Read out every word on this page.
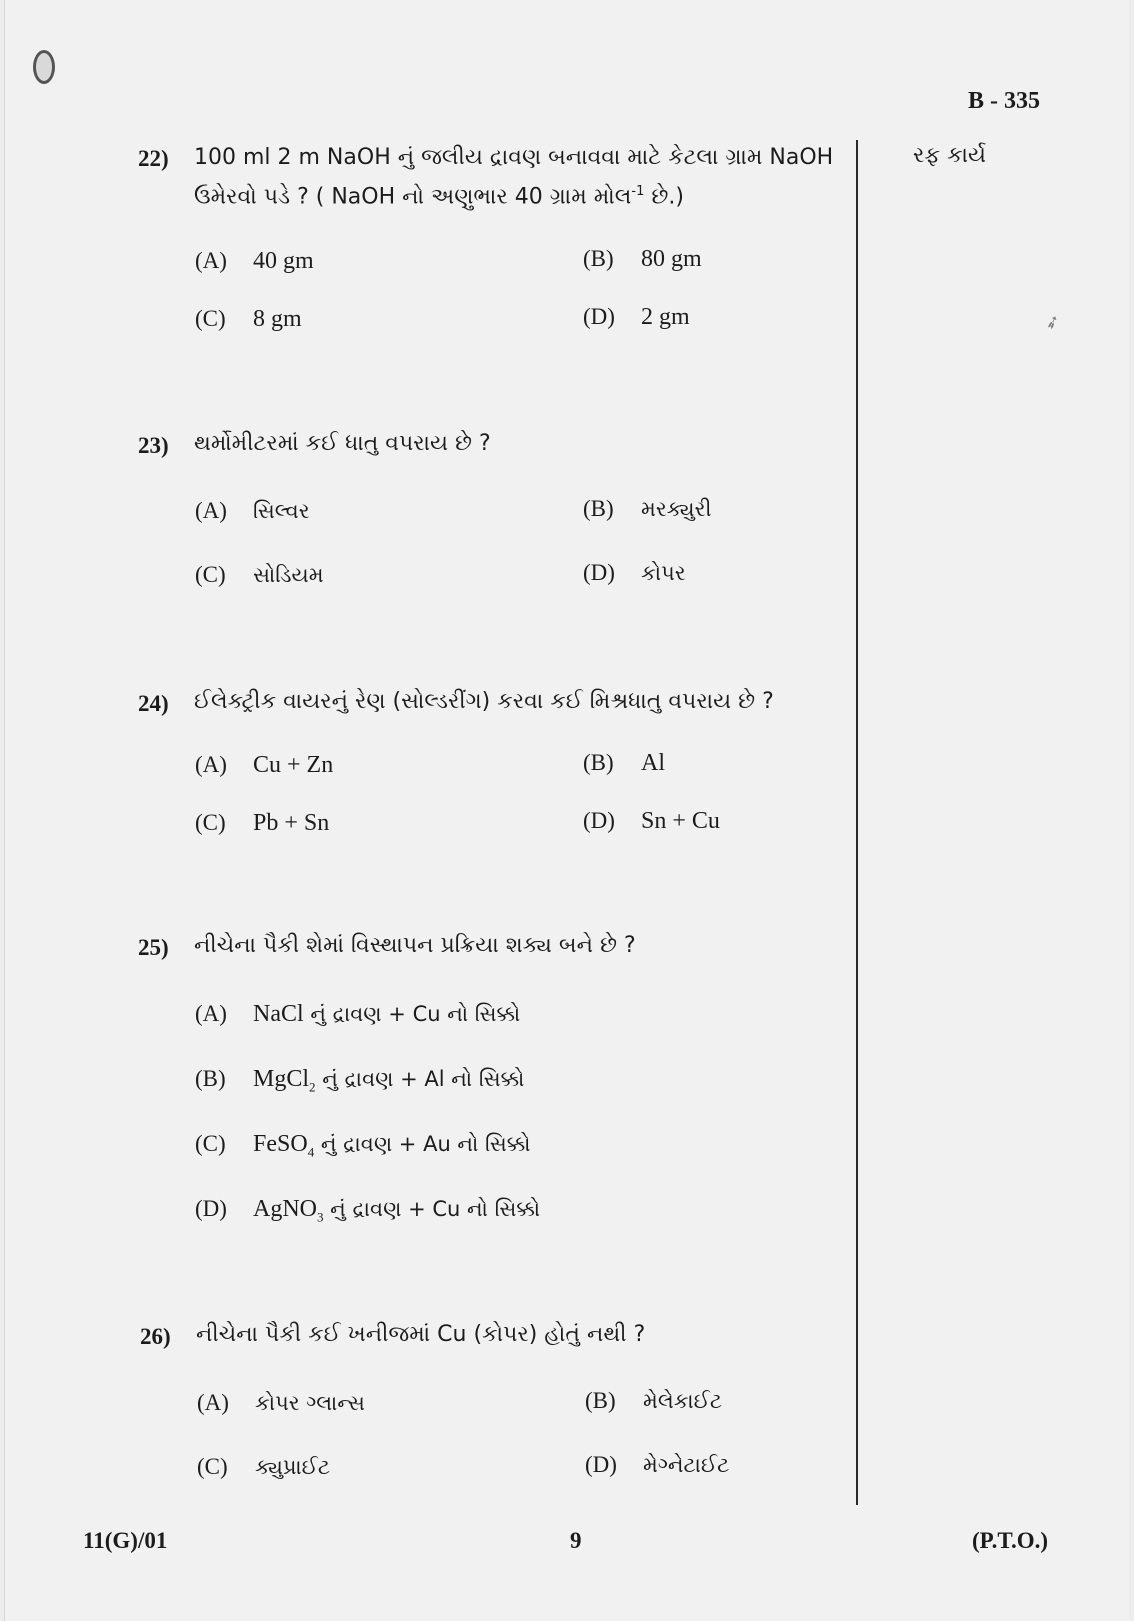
B - 335
રફ કાર્ય
➶
22) 100 ml 2 m NaOH નું જલીય દ્રાવણ બનાવવા માટે કેટલા ગ્રામ NaOH
ઉમેરવો પડે ? ( NaOH નો અણુભાર 40 ગ્રામ મોલ$^{-1}$ છે.)
(A) 40 gm	(B) 80 gm
(C) 8 gm	(D) 2 gm
23) થર્મોમીટરમાં કઈ ધાતુ વપરાય છે ?
(A) સિલ્વર	(B) મરક્યુરી
(C) સોડિયમ	(D) કોપર
24) ઈલેક્ટ્રીક વાયરનું રેણ (સોલ્ડરીંગ) કરવા કઈ મિશ્રધાતુ વપરાય છે ?
(A) Cu + Zn	(B) Al
(C) Pb + Sn	(D) Sn + Cu
25) નીચેના પૈકી શેમાં વિસ્થાપન પ્રક્રિયા શક્ય બને છે ?
(A) NaCl નું દ્રાવણ + Cu નો સિક્કો
(B) MgCl$_2$ નું દ્રાવણ + Al નો સિક્કો
(C) FeSO$_4$ નું દ્રાવણ + Au નો સિક્કો
(D) AgNO$_3$ નું દ્રાવણ + Cu નો સિક્કો
26) નીચેના પૈકી કઈ ખનીજમાં Cu (કોપર) હોતું નથી ?
(A) કોપર ગ્લાન્સ	(B) મેલેકાઈટ
(C) ક્યુપ્રાઈટ	(D) મેગ્નેટાઈટ
11(G)/01	9	(P.T.O.)
